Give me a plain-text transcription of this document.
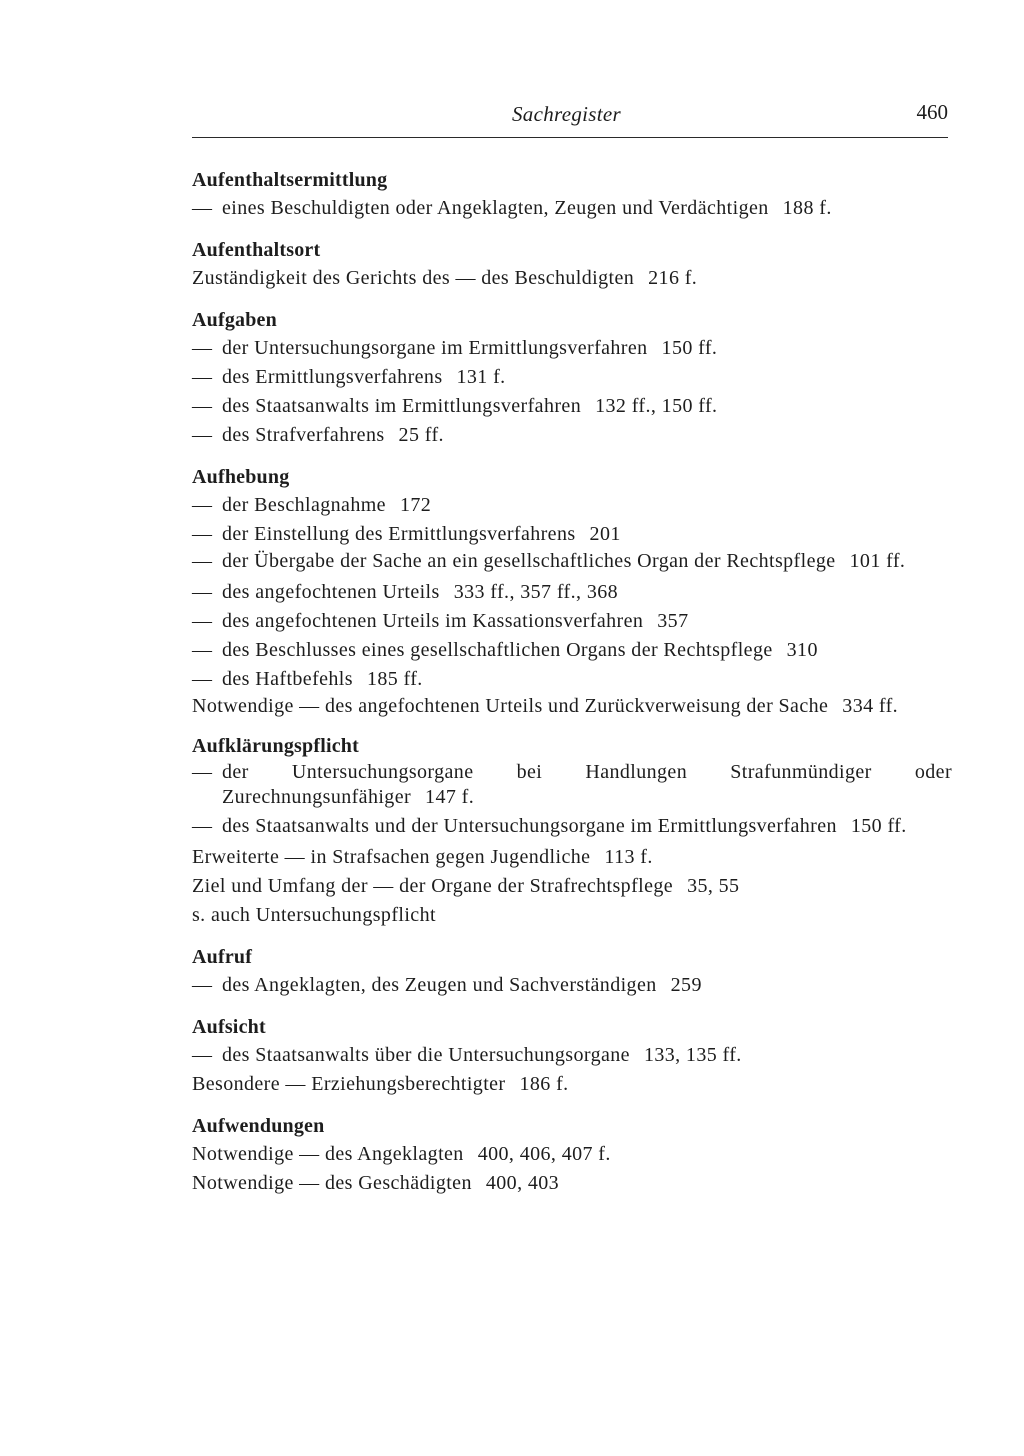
Sachregister	460
Aufenthaltsermittlung
— eines Beschuldigten oder Angeklagten, Zeugen und Verdächtigen 188 f.
Aufenthaltsort
Zuständigkeit des Gerichts des — des Beschuldigten 216 f.
Aufgaben
— der Untersuchungsorgane im Ermittlungsverfahren 150 ff.
— des Ermittlungsverfahrens 131 f.
— des Staatsanwalts im Ermittlungsverfahren 132 ff., 150 ff.
— des Strafverfahrens 25 ff.
Aufhebung
— der Beschlagnahme 172
— der Einstellung des Ermittlungsverfahrens 201
— der Übergabe der Sache an ein gesellschaftliches Organ der Rechtspflege 101 ff.
— des angefochtenen Urteils 333 ff., 357 ff., 368
— des angefochtenen Urteils im Kassationsverfahren 357
— des Beschlusses eines gesellschaftlichen Organs der Rechtspflege 310
— des Haftbefehls 185 ff.
Notwendige — des angefochtenen Urteils und Zurückverweisung der Sache 334 ff.
Aufklärungspflicht
— der Untersuchungsorgane bei Handlungen Strafunmündiger oder Zurechnungsunfähiger 147 f.
— des Staatsanwalts und der Untersuchungsorgane im Ermittlungsverfahren 150 ff.
Erweiterte — in Strafsachen gegen Jugendliche 113 f.
Ziel und Umfang der — der Organe der Strafrechtspflege 35, 55
s. auch Untersuchungspflicht
Aufruf
— des Angeklagten, des Zeugen und Sachverständigen 259
Aufsicht
— des Staatsanwalts über die Untersuchungsorgane 133, 135 ff.
Besondere — Erziehungsberechtigter 186 f.
Aufwendungen
Notwendige — des Angeklagten 400, 406, 407 f.
Notwendige — des Geschädigten 400, 403
